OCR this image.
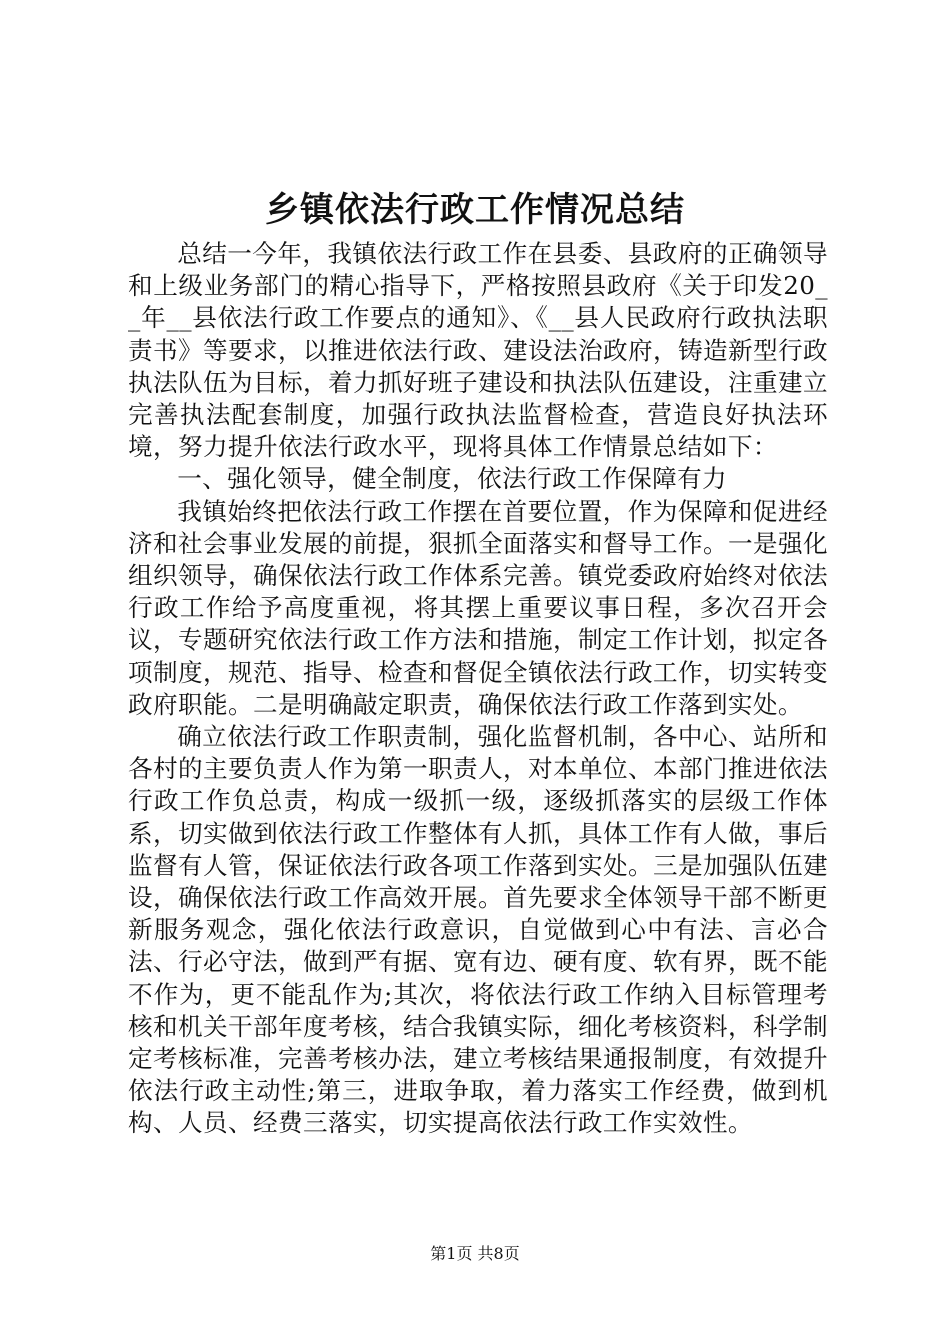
乡镇依法行政工作情况总结

总结一今年，我镇依法行政工作在县委、县政府的正确领导和上级业务部门的精心指导下，严格按照县政府《关于印发20__年__县依法行政工作要点的通知》、《__县人民政府行政执法职责书》等要求，以推进依法行政、建设法治政府，铸造新型行政执法队伍为目标，着力抓好班子建设和执法队伍建设，注重建立完善执法配套制度，加强行政执法监督检查，营造良好执法环境，努力提升依法行政水平，现将具体工作情景总结如下：

一、强化领导，健全制度，依法行政工作保障有力

我镇始终把依法行政工作摆在首要位置，作为保障和促进经济和社会事业发展的前提，狠抓全面落实和督导工作。一是强化组织领导，确保依法行政工作体系完善。镇党委政府始终对依法行政工作给予高度重视，将其摆上重要议事日程，多次召开会议，专题研究依法行政工作方法和措施，制定工作计划，拟定各项制度，规范、指导、检查和督促全镇依法行政工作，切实转变政府职能。二是明确敲定职责，确保依法行政工作落到实处。

确立依法行政工作职责制，强化监督机制，各中心、站所和各村的主要负责人作为第一职责人，对本单位、本部门推进依法行政工作负总责，构成一级抓一级，逐级抓落实的层级工作体系，切实做到依法行政工作整体有人抓，具体工作有人做，事后监督有人管，保证依法行政各项工作落到实处。三是加强队伍建设，确保依法行政工作高效开展。首先要求全体领导干部不断更新服务观念，强化依法行政意识，自觉做到心中有法、言必合法、行必守法，做到严有据、宽有边、硬有度、软有界，既不能不作为，更不能乱作为;其次，将依法行政工作纳入目标管理考核和机关干部年度考核，结合我镇实际，细化考核资料，科学制定考核标准，完善考核办法，建立考核结果通报制度，有效提升依法行政主动性;第三，进取争取，着力落实工作经费，做到机构、人员、经费三落实，切实提高依法行政工作实效性。

第1页 共8页
